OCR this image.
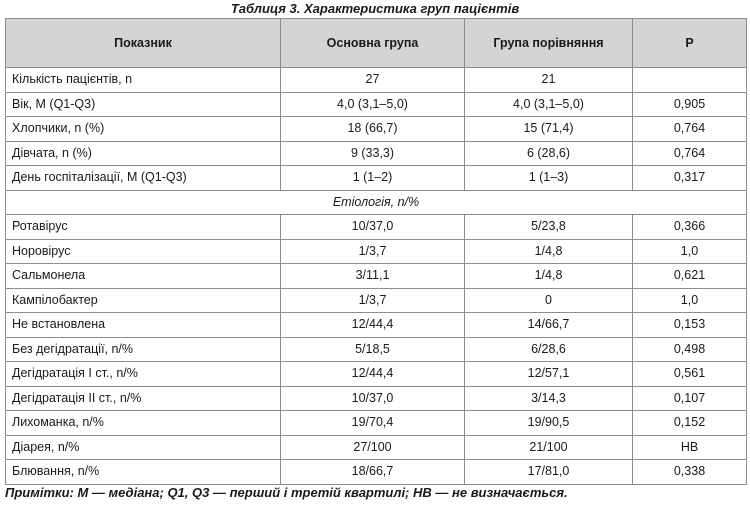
Таблиця 3. Характеристика груп пацієнтів
Показник	Основна група	Група порівняння	P
Кількість пацієнтів, n	27	21	
Вік, М (Q1-Q3)	4,0 (3,1–5,0)	4,0 (3,1–5,0)	0,905
Хлопчики, n (%)	18 (66,7)	15 (71,4)	0,764
Дівчата, n (%)	9 (33,3)	6 (28,6)	0,764
День госпіталізації, М (Q1-Q3)	1 (1–2)	1 (1–3)	0,317
Етіологія, n/%			
Ротавірус	10/37,0	5/23,8	0,366
Норовірус	1/3,7	1/4,8	1,0
Сальмонела	3/11,1	1/4,8	0,621
Кампілобактер	1/3,7	0	1,0
Не встановлена	12/44,4	14/66,7	0,153
Без дегідратації, n/%	5/18,5	6/28,6	0,498
Дегідратація I ст., n/%	12/44,4	12/57,1	0,561
Дегідратація II ст., n/%	10/37,0	3/14,3	0,107
Лихоманка, n/%	19/70,4	19/90,5	0,152
Діарея, n/%	27/100	21/100	НВ
Блювання, n/%	18/66,7	17/81,0	0,338
Примітки: М — медіана; Q1, Q3 — перший і третій квартилі; НВ — не визначається.
